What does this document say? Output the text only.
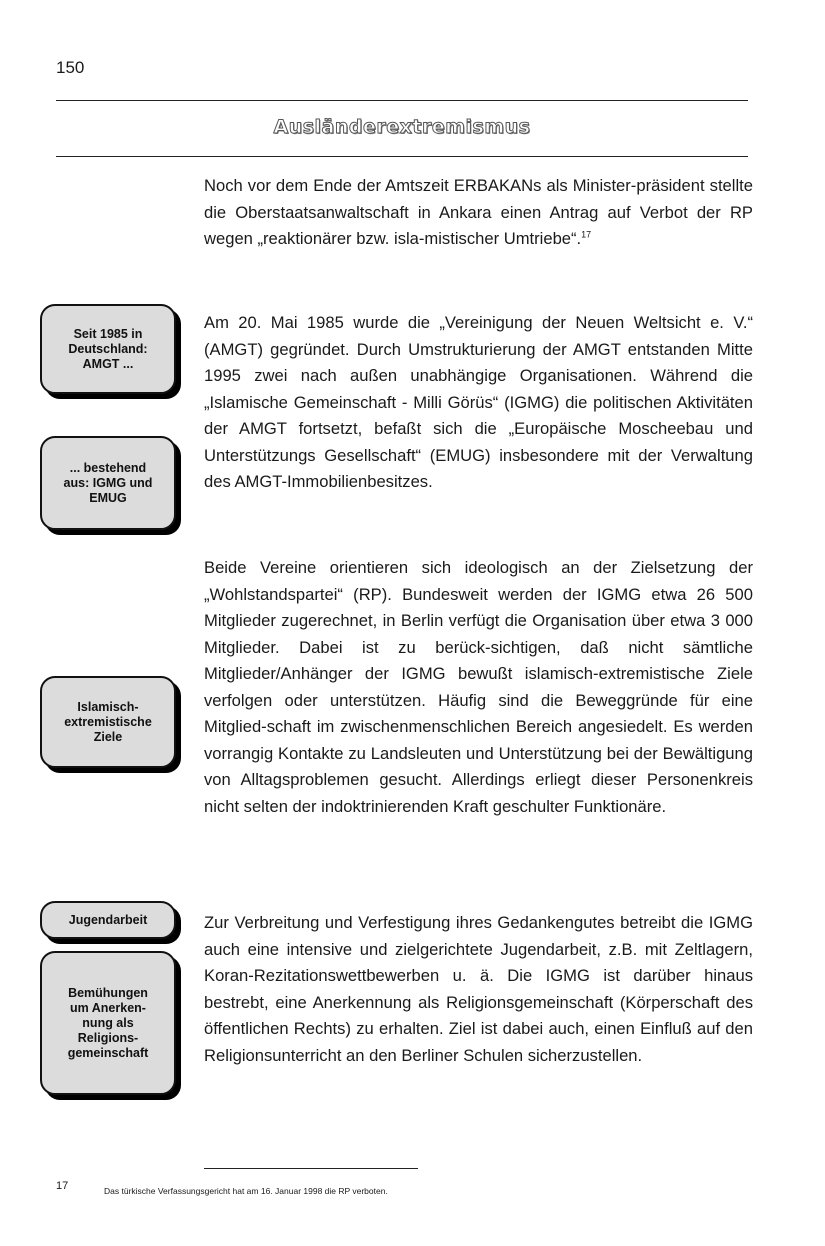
150
Ausländerextremismus

Noch vor dem Ende der Amtszeit ERBAKANs als Minister-präsident stellte die Oberstaatsanwaltschaft in Ankara einen Antrag auf Verbot der RP wegen „reaktionärer bzw. isla-mistischer Umtriebe“.$^{17}$

Am 20. Mai 1985 wurde die „Vereinigung der Neuen Weltsicht e. V.“ (AMGT) gegründet. Durch Umstrukturierung der AMGT entstanden Mitte 1995 zwei nach außen unabhängige Organisationen. Während die „Islamische Gemeinschaft - Milli Görüs“ (IGMG) die politischen Aktivitäten der AMGT fortsetzt, befaßt sich die „Europäische Moscheebau und Unterstützungs Gesellschaft“ (EMUG) insbesondere mit der Verwaltung des AMGT-Immobilienbesitzes.

Beide Vereine orientieren sich ideologisch an der Zielsetzung der „Wohlstandspartei“ (RP). Bundesweit werden der IGMG etwa 26 500 Mitglieder zugerechnet, in Berlin verfügt die Organisation über etwa 3 000 Mitglieder. Dabei ist zu berück-sichtigen, daß nicht sämtliche Mitglieder/Anhänger der IGMG bewußt islamisch-extremistische Ziele verfolgen oder unterstützen. Häufig sind die Beweggründe für eine Mitglied-schaft im zwischenmenschlichen Bereich angesiedelt. Es werden vorrangig Kontakte zu Landsleuten und Unterstützung bei der Bewältigung von Alltagsproblemen gesucht. Allerdings erliegt dieser Personenkreis nicht selten der indoktrinierenden Kraft geschulter Funktionäre.

Zur Verbreitung und Verfestigung ihres Gedankengutes betreibt die IGMG auch eine intensive und zielgerichtete Jugendarbeit, z.B. mit Zeltlagern, Koran-Rezitationswettbewerben u. ä. Die IGMG ist darüber hinaus bestrebt, eine Anerkennung als Religionsgemeinschaft (Körperschaft des öffentlichen Rechts) zu erhalten. Ziel ist dabei auch, einen Einfluß auf den Religionsunterricht an den Berliner Schulen sicherzustellen.

Seit 1985 in
Deutschland:
AMGT ...
... bestehend
aus: IGMG und
EMUG
Islamisch-
extremistische
Ziele
Jugendarbeit
Bemühungen
um Anerken-
nung als
Religions-
gemeinschaft
17	Das türkische Verfassungsgericht hat am 16. Januar 1998 die RP verboten.
